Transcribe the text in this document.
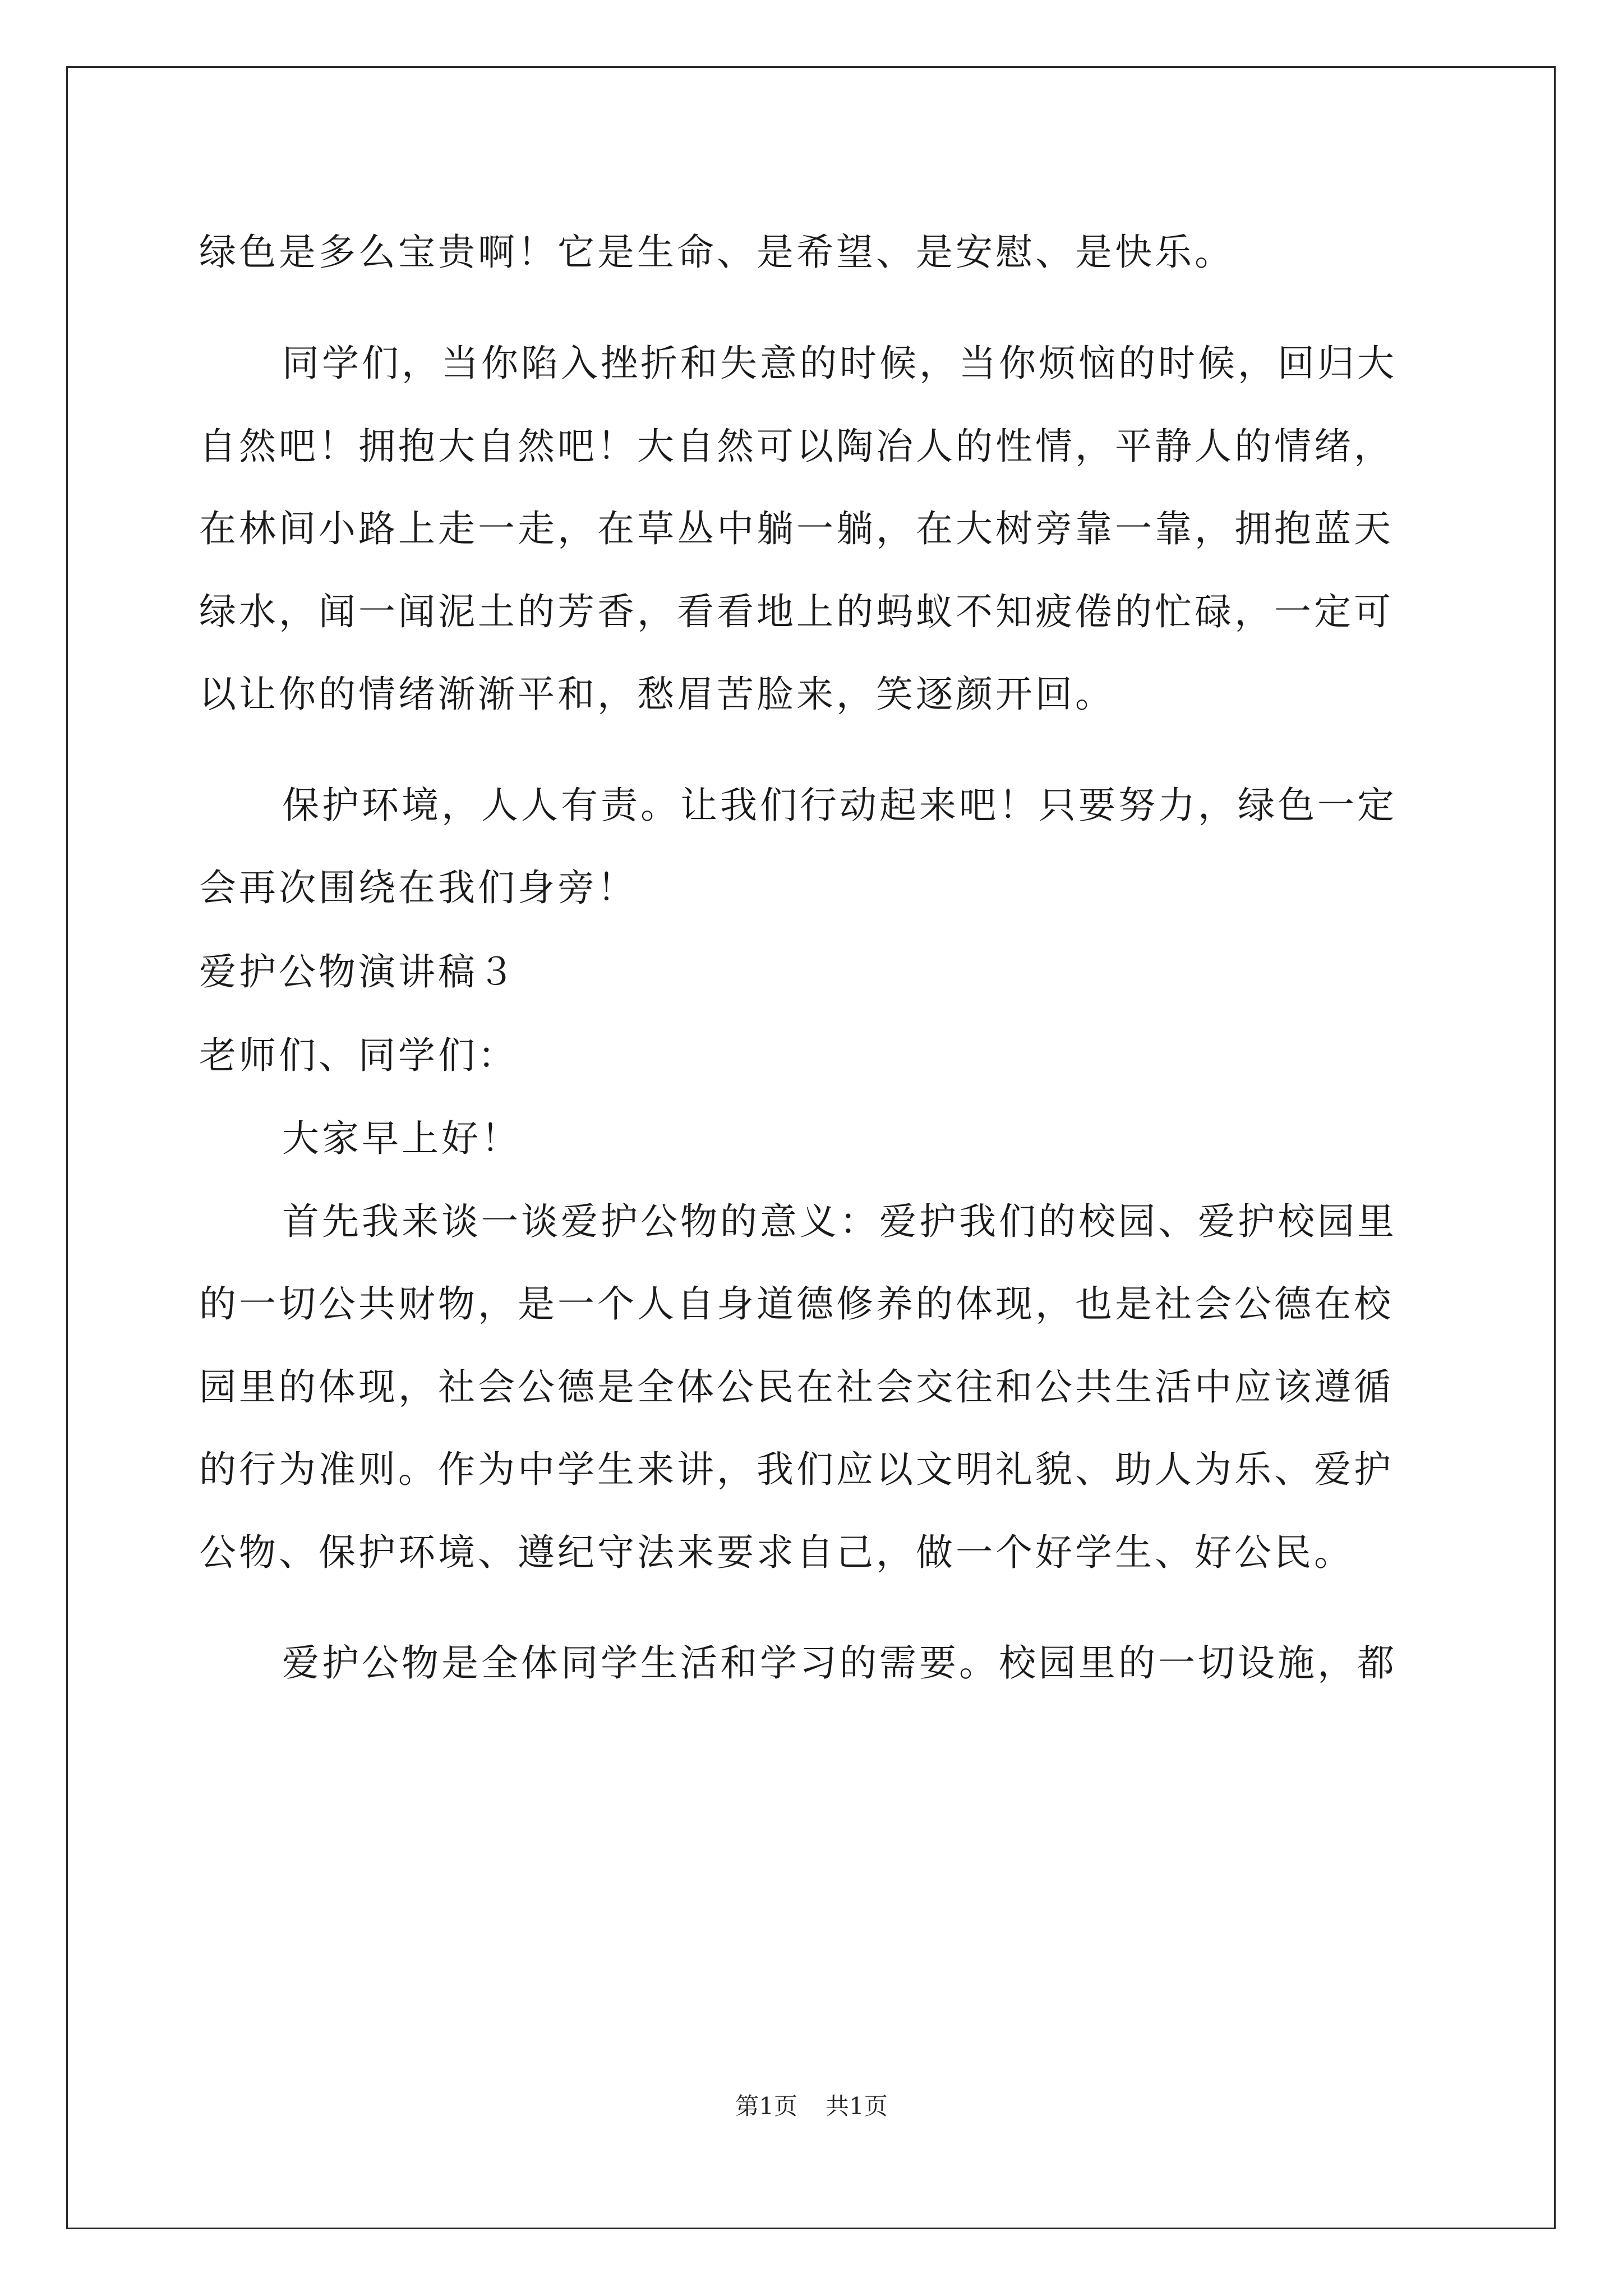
绿色是多么宝贵啊！它是生命、是希望、是安慰、是快乐。
同学们，当你陷入挫折和失意的时候，当你烦恼的时候，回归大
自然吧！拥抱大自然吧！大自然可以陶冶人的性情，平静人的情绪，
在林间小路上走一走，在草丛中躺一躺，在大树旁靠一靠，拥抱蓝天
绿水，闻一闻泥土的芳香，看看地上的蚂蚁不知疲倦的忙碌，一定可
以让你的情绪渐渐平和，愁眉苦脸来，笑逐颜开回。
保护环境，人人有责。让我们行动起来吧！只要努力，绿色一定
会再次围绕在我们身旁！
爱护公物演讲稿３
老师们、同学们：
大家早上好！
首先我来谈一谈爱护公物的意义：爱护我们的校园、爱护校园里
的一切公共财物，是一个人自身道德修养的体现，也是社会公德在校
园里的体现，社会公德是全体公民在社会交往和公共生活中应该遵循
的行为准则。作为中学生来讲，我们应以文明礼貌、助人为乐、爱护
公物、保护环境、遵纪守法来要求自己，做一个好学生、好公民。
爱护公物是全体同学生活和学习的需要。校园里的一切设施，都
第1页 共1页
